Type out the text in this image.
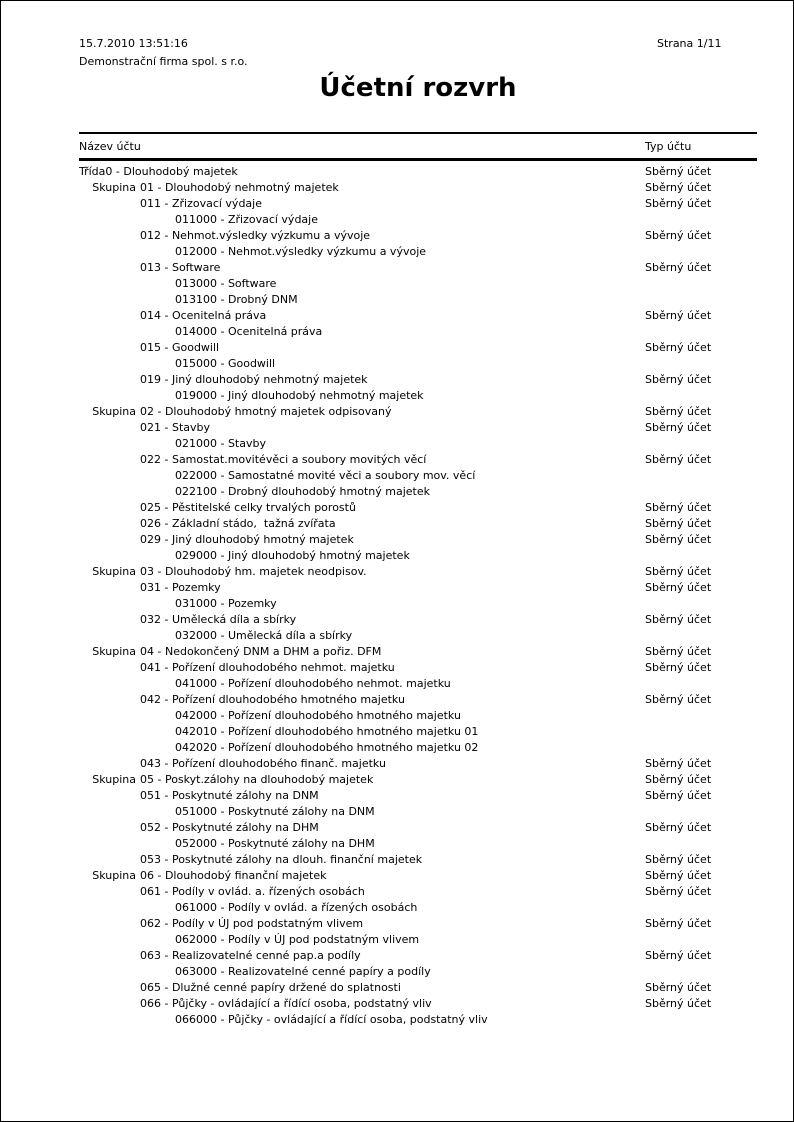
15.7.2010 13:51:16
Demonstrační firma spol. s r.o.
Strana 1/11
Účetní rozvrh
Název účtu	Typ účtu
Třída0 - Dlouhodobý majetek	Sběrný účet
Skupina 01 - Dlouhodobý nehmotný majetek	Sběrný účet
011 - Zřizovací výdaje	Sběrný účet
011000 - Zřizovací výdaje
012 - Nehmot.výsledky výzkumu a vývoje	Sběrný účet
012000 - Nehmot.výsledky výzkumu a vývoje
013 - Software	Sběrný účet
013000 - Software
013100 - Drobný DNM
014 - Ocenitelná práva	Sběrný účet
014000 - Ocenitelná práva
015 - Goodwill	Sběrný účet
015000 - Goodwill
019 - Jiný dlouhodobý nehmotný majetek	Sběrný účet
019000 - Jiný dlouhodobý nehmotný majetek
Skupina 02 - Dlouhodobý hmotný majetek odpisovaný	Sběrný účet
021 - Stavby	Sběrný účet
021000 - Stavby
022 - Samostat.movitévěci a soubory movitých věcí	Sběrný účet
022000 - Samostatné movité věci a soubory mov. věcí
022100 - Drobný dlouhodobý hmotný majetek
025 - Pěstitelské celky trvalých porostů	Sběrný účet
026 - Základní stádo,  tažná zvířata	Sběrný účet
029 - Jiný dlouhodobý hmotný majetek	Sběrný účet
029000 - Jiný dlouhodobý hmotný majetek
Skupina 03 - Dlouhodobý hm. majetek neodpisov.	Sběrný účet
031 - Pozemky	Sběrný účet
031000 - Pozemky
032 - Umělecká díla a sbírky	Sběrný účet
032000 - Umělecká díla a sbírky
Skupina 04 - Nedokončený DNM a DHM a pořiz. DFM	Sběrný účet
041 - Pořízení dlouhodobého nehmot. majetku	Sběrný účet
041000 - Pořízení dlouhodobého nehmot. majetku
042 - Pořízení dlouhodobého hmotného majetku	Sběrný účet
042000 - Pořízení dlouhodobého hmotného majetku
042010 - Pořízení dlouhodobého hmotného majetku 01
042020 - Pořízení dlouhodobého hmotného majetku 02
043 - Pořízení dlouhodobého finanč. majetku	Sběrný účet
Skupina 05 - Poskyt.zálohy na dlouhodobý majetek	Sběrný účet
051 - Poskytnuté zálohy na DNM	Sběrný účet
051000 - Poskytnuté zálohy na DNM
052 - Poskytnuté zálohy na DHM	Sběrný účet
052000 - Poskytnuté zálohy na DHM
053 - Poskytnuté zálohy na dlouh. finanční majetek	Sběrný účet
Skupina 06 - Dlouhodobý finanční majetek	Sběrný účet
061 - Podíly v ovlád. a. řízených osobách	Sběrný účet
061000 - Podíly v ovlád. a řízených osobách
062 - Podíly v ÚJ pod podstatným vlivem	Sběrný účet
062000 - Podíly v ÚJ pod podstatným vlivem
063 - Realizovatelné cenné pap.a podíly	Sběrný účet
063000 - Realizovatelné cenné papíry a podíly
065 - Dlužné cenné papíry držené do splatnosti	Sběrný účet
066 - Půjčky - ovládající a řídící osoba, podstatný vliv	Sběrný účet
066000 - Půjčky - ovládající a řídící osoba, podstatný vliv
